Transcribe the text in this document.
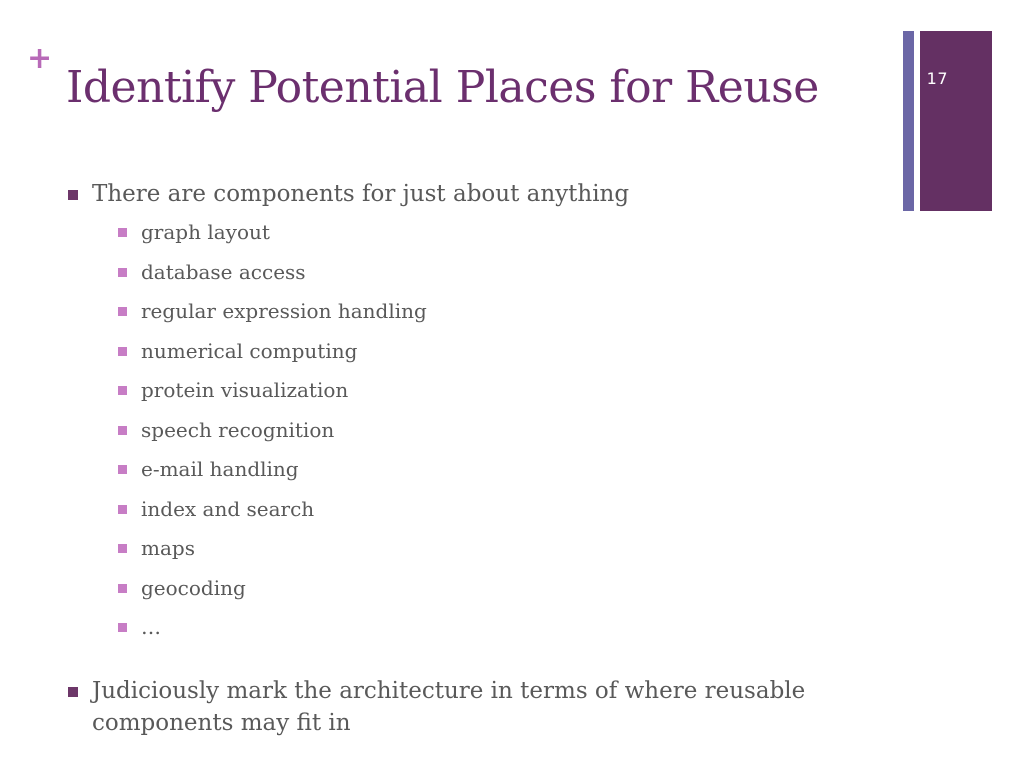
+
Identify Potential Places for Reuse	17
There are components for just about anything
graph layout
database access
regular expression handling
numerical computing
protein visualization
speech recognition
e-mail handling
index and search
maps
geocoding
…
Judiciously mark the architecture in terms of where reusable components may fit in
